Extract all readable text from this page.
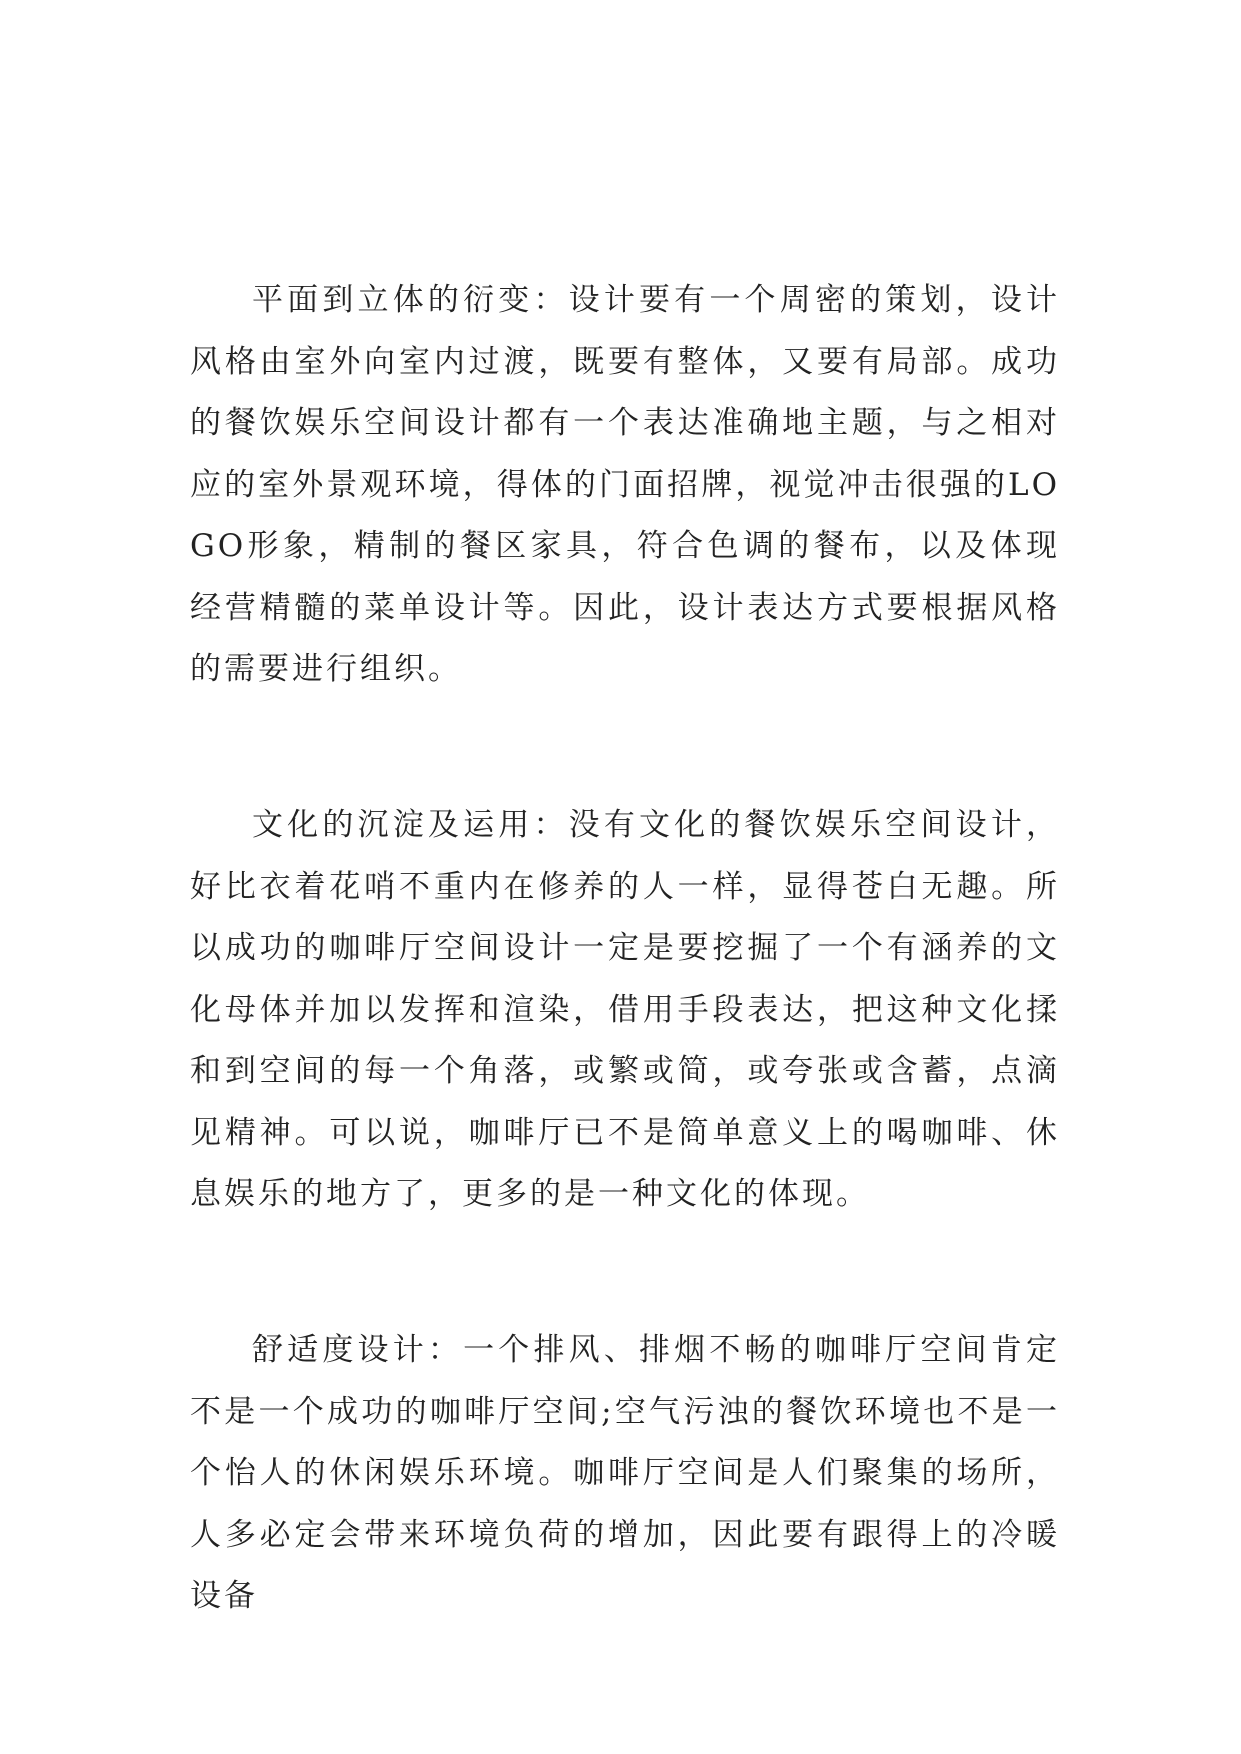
平面到立体的衍变：设计要有一个周密的策划，设计风格由室外向室内过渡，既要有整体，又要有局部。成功的餐饮娱乐空间设计都有一个表达准确地主题，与之相对应的室外景观环境，得体的门面招牌，视觉冲击很强的LOGO形象，精制的餐区家具，符合色调的餐布，以及体现经营精髓的菜单设计等。因此，设计表达方式要根据风格的需要进行组织。

文化的沉淀及运用：没有文化的餐饮娱乐空间设计，好比衣着花哨不重内在修养的人一样，显得苍白无趣。所以成功的咖啡厅空间设计一定是要挖掘了一个有涵养的文化母体并加以发挥和渲染，借用手段表达，把这种文化揉和到空间的每一个角落，或繁或简，或夸张或含蓄，点滴见精神。可以说，咖啡厅已不是简单意义上的喝咖啡、休息娱乐的地方了，更多的是一种文化的体现。

舒适度设计：一个排风、排烟不畅的咖啡厅空间肯定不是一个成功的咖啡厅空间;空气污浊的餐饮环境也不是一个怡人的休闲娱乐环境。咖啡厅空间是人们聚集的场所，人多必定会带来环境负荷的增加，因此要有跟得上的冷暖设备
